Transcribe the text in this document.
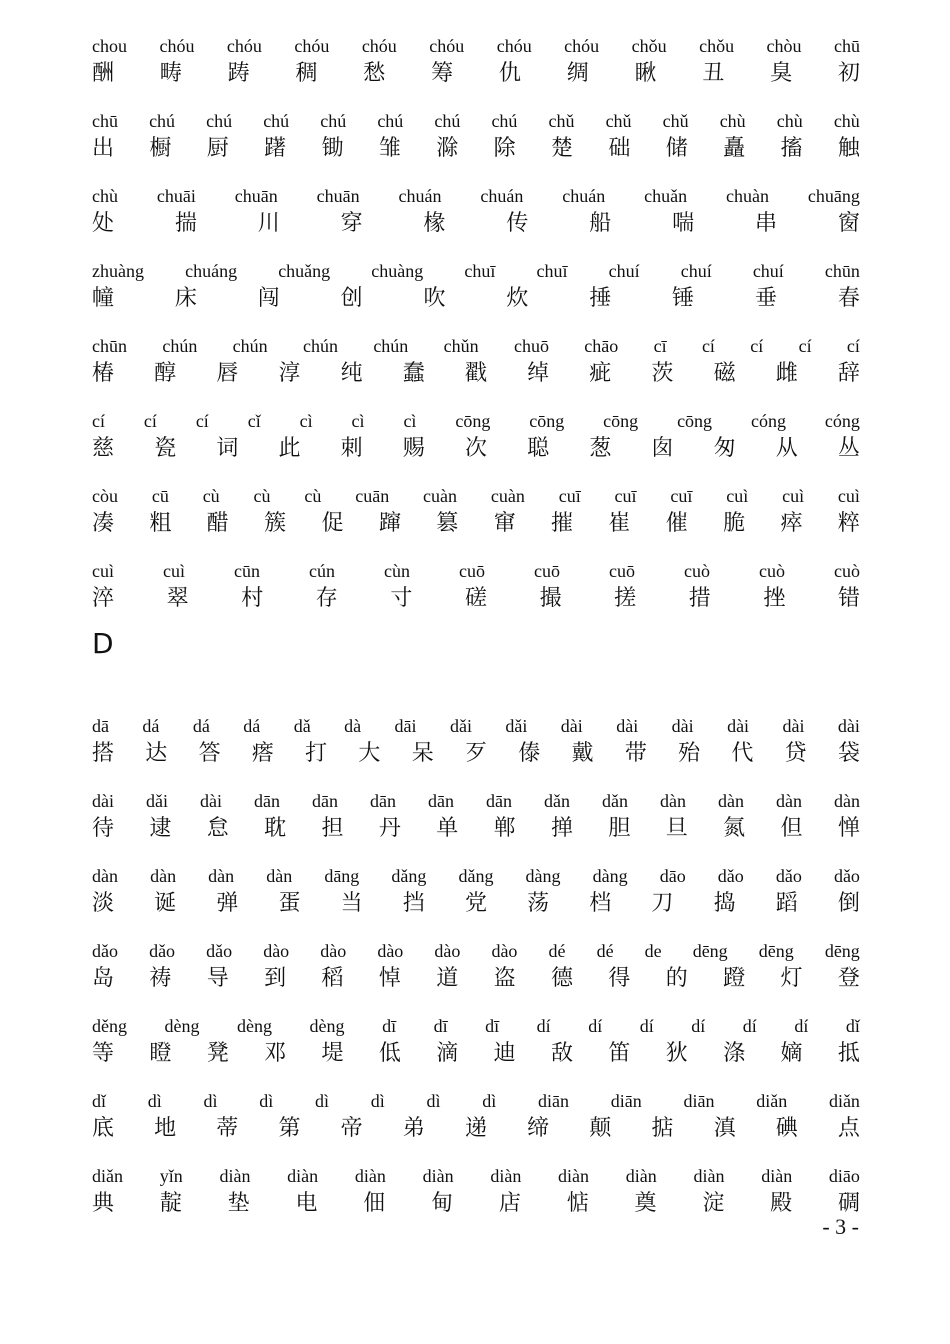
chou chóu chóu chóu chóu chóu chóu chóu chǒu chǒu chòu chū
酬 畴 踌 稠 愁 筹 仇 绸 瞅 丑 臭 初
chū chú chú chú chú chú chú chú chǔ chǔ chǔ chù chù chù
出 橱 厨 躇 锄 雏 滁 除 楚 础 储 矗 搐 触
chù chuāi chuān chuān chuán chuán chuán chuǎn chuàn chuāng
处	揣	川	穿	椽	传	船	喘	串	窗
zhuàng chuáng chuǎng chuàng chuī chuī chuí chuí chuí chūn
幢	床	闯	创	吹	炊	捶	锤	垂	春
chūn chún chún chún chún chǔn chuō chāo cī cí cí cí cí
椿 醇 唇 淳 纯 蠢 戳 绰 疵 茨 磁 雌 辞
cí cí cí cǐ cì cì cì cōng cōng cōng cōng cóng cóng
慈 瓷 词 此 刺 赐 次 聪 葱 囱 匆 从 丛
còu cū cù cù cù cuān cuàn cuàn cuī cuī cuī cuì cuì cuì
凑 粗 醋 簇 促 蹿 篡 窜 摧 崔 催 脆 瘁 粹
cuì	cuì	cūn	cún	cùn	cuō	cuō	cuō	cuò	cuò	cuò
淬 翠 村 存 寸 磋 撮 搓 措 挫 错
D
dā dá dá dá dǎ dà dāi dǎi dǎi dài dài dài dài dài dài
搭 达 答 瘩 打 大 呆 歹 傣 戴 带 殆 代 贷 袋
dài dǎi dài dān dān dān dān dān dǎn dǎn dàn dàn dàn dàn
待 逮 怠 耽 担 丹 单 郸 掸 胆 旦 氮 但 惮
dàn dàn dàn dàn dāng dǎng dǎng dàng dàng dāo dǎo dǎo dǎo
淡 诞 弹 蛋 当 挡 党 荡 档 刀 捣 蹈 倒
dǎo dǎo dǎo dào dào dào dào dào dé dé de dēng dēng dēng
岛 祷 导 到 稻 悼 道 盗 德 得 的 蹬 灯 登
děng dèng dèng dèng dī dī dī dí dí dí dí dí dí dǐ
等 瞪 凳 邓 堤 低 滴 迪 敌 笛 狄 涤 嫡 抵
dǐ dì dì dì dì dì dì dì diān diān diān diǎn diǎn
底 地 蒂 第 帝 弟 递 缔 颠 掂 滇 碘 点
diǎn yǐn diàn diàn diàn diàn diàn diàn diàn diàn diàn diāo
典 靛 垫 电 佃 甸 店 惦 奠 淀 殿 碉
- 3 -
